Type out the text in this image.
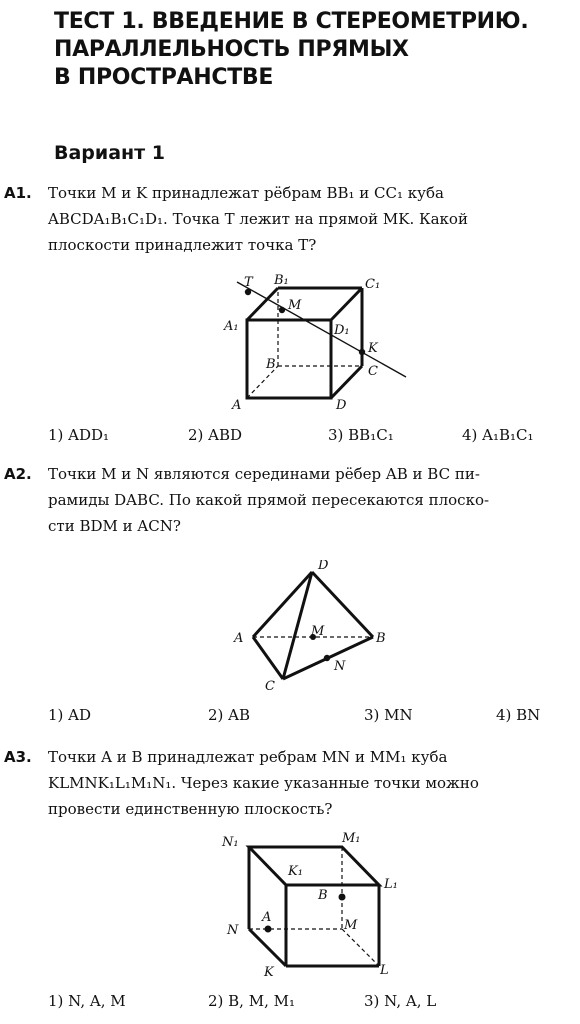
ТЕСТ 1. ВВЕДЕНИЕ В СТЕРЕОМЕТРИЮ.
ПАРАЛЛЕЛЬНОСТЬ ПРЯМЫХ
В ПРОСТРАНСТВЕ
Вариант 1
A1. Точки M и K принадлежат рёбрам BB₁ и CC₁ куба
ABCDA₁B₁C₁D₁. Точка T лежит на прямой MK. Какой
плоскости принадлежит точка T?
T B₁	C₁
M
A₁	D₁
K
B	C
A	D
1) ADD₁	2) ABD	3) BB₁C₁	4) A₁B₁C₁
A2. Точки M и N являются серединами рёбер AB и BC пи-
рамиды DABC. По какой прямой пересекаются плоско-
сти BDM и ACN?
D
A	M	B
N
C
1) AD	2) AB	3) MN	4) BN
A3. Точки A и B принадлежат ребрам MN и MM₁ куба
KLMNK₁L₁M₁N₁. Через какие указанные точки можно
провести единственную плоскость?
N₁	M₁
K₁
B
L₁
N
A
M
K	L
1) N, A, M	2) B, M, M₁	3) N, A, L
